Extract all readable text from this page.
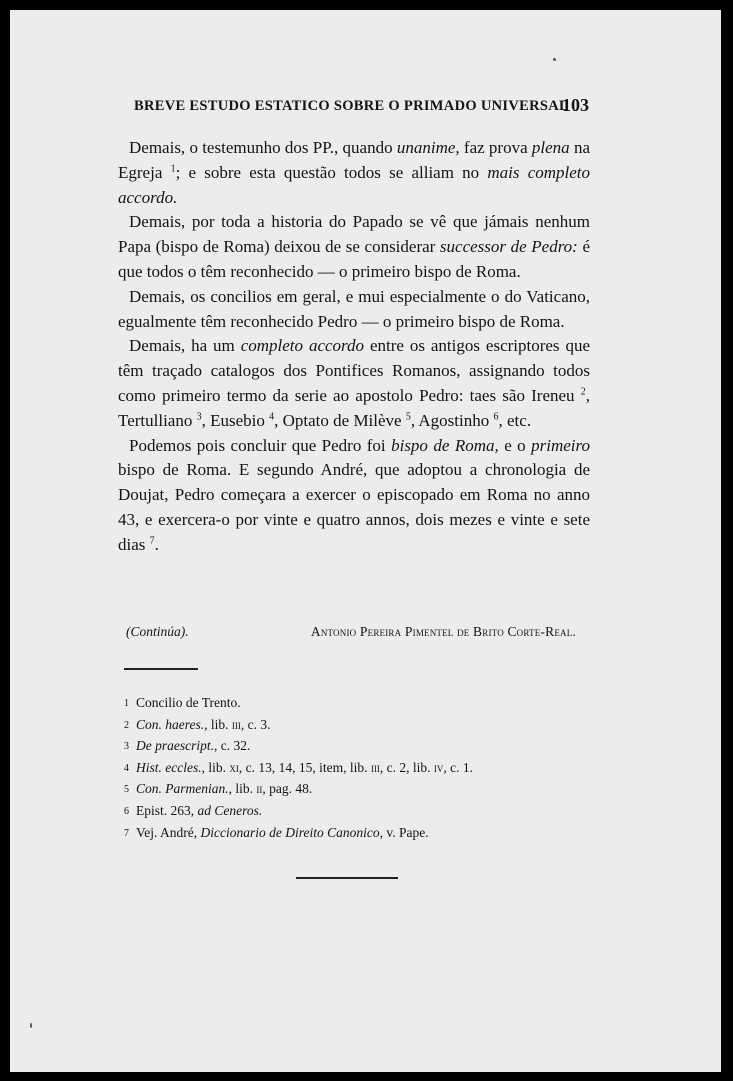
BREVE ESTUDO ESTATICO SOBRE O PRIMADO UNIVERSAL
103

Demais, o testemunho dos PP., quando unanime, faz prova plena na Egreja $^1$; e sobre esta questão todos se alliam no mais completo accordo.

Demais, por toda a historia do Papado se vê que jámais nenhum Papa (bispo de Roma) deixou de se considerar successor de Pedro: é que todos o têm reconhecido — o primeiro bispo de Roma.

Demais, os concilios em geral, e mui especialmente o do Vaticano, egualmente têm reconhecido Pedro — o primeiro bispo de Roma.

Demais, ha um completo accordo entre os antigos escriptores que têm traçado catalogos dos Pontifices Romanos, assignando todos como primeiro termo da serie ao apostolo Pedro: taes são Ireneu $^2$, Tertulliano $^3$, Eusebio $^4$, Optato de Milève $^5$, Agostinho $^6$, etc.

Podemos pois concluir que Pedro foi bispo de Roma, e o primeiro bispo de Roma. E segundo André, que adoptou a chronologia de Doujat, Pedro começara a exercer o episcopado em Roma no anno 43, e exercera-o por vinte e quatro annos, dois mezes e vinte e sete dias $^7$.

(Continúa).	Antonio Pereira Pimentel de Brito Corte-Real.
1 Concilio de Trento.
2 Con. haeres., lib. iii, c. 3.
3 De praescript., c. 32.
4 Hist. eccles., lib. xi, c. 13, 14, 15, item, lib. iii, c. 2, lib. iv, c. 1.
5 Con. Parmenian., lib. ii, pag. 48.
6 Epist. 263, ad Ceneros.
7 Vej. André, Diccionario de Direito Canonico, v. Pape.
